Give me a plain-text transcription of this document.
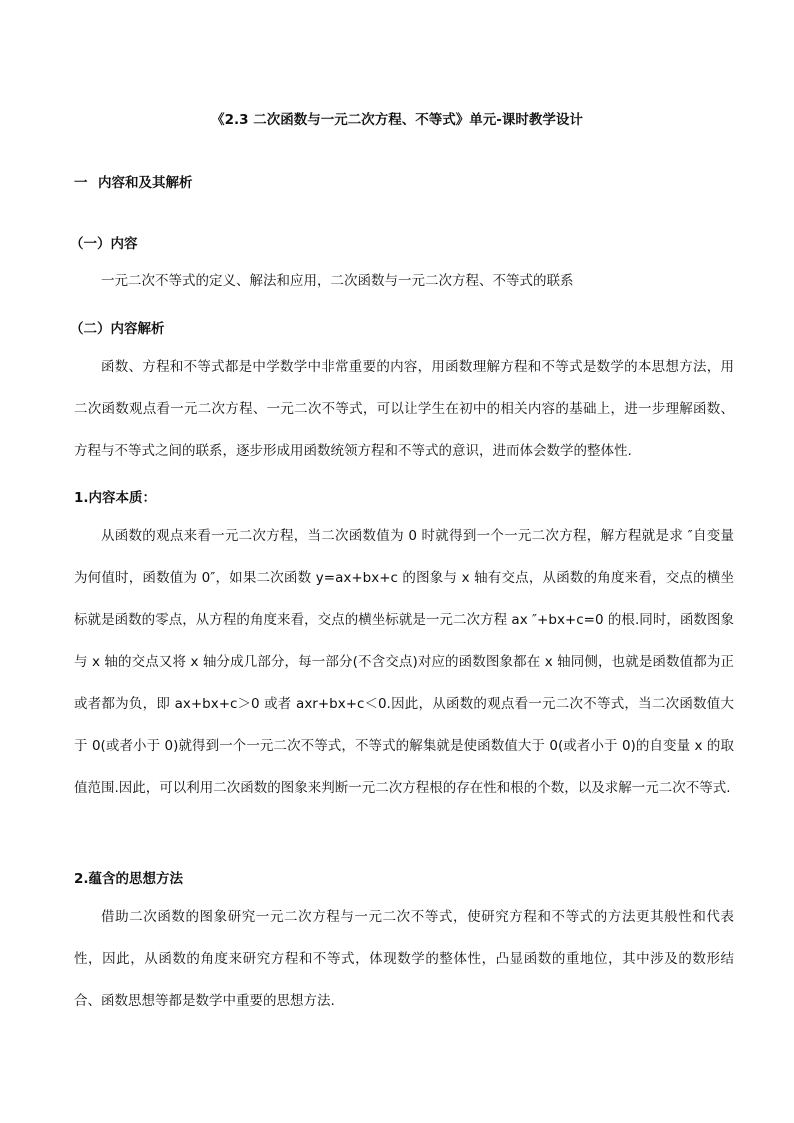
《2.3 二次函数与一元二次方程、不等式》单元-课时教学设计
一 内容和及其解析
（一）内容

一元二次不等式的定义、解法和应用，二次函数与一元二次方程、不等式的联系

（二）内容解析

函数、方程和不等式都是中学数学中非常重要的内容，用函数理解方程和不等式是数学的本思想方法，用二次函数观点看一元二次方程、一元二次不等式，可以让学生在初中的相关内容的基础上，进一步理解函数、方程与不等式之间的联系，逐步形成用函数统领方程和不等式的意识，进而体会数学的整体性.

1.内容本质：

从函数的观点来看一元二次方程，当二次函数值为 0 时就得到一个一元二次方程，解方程就是求 ″自变量为何值时，函数值为 0″，如果二次函数 y=ax+bx+c 的图象与 x 轴有交点，从函数的角度来看，交点的横坐标就是函数的零点，从方程的角度来看，交点的横坐标就是一元二次方程 ax ″+bx+c=0 的根.同时，函数图象与 x 轴的交点又将 x 轴分成几部分，每一部分(不含交点)对应的函数图象都在 x 轴同侧，也就是函数值都为正或者都为负，即 ax+bx+c＞0 或者 axr+bx+c＜0.因此，从函数的观点看一元二次不等式，当二次函数值大于 0(或者小于 0)就得到一个一元二次不等式，不等式的解集就是使函数值大于 0(或者小于 0)的自变量 x 的取值范围.因此，可以利用二次函数的图象来判断一元二次方程根的存在性和根的个数，以及求解一元二次不等式.

2.蕴含的思想方法

借助二次函数的图象研究一元二次方程与一元二次不等式，使研究方程和不等式的方法更其般性和代表性，因此，从函数的角度来研究方程和不等式，体现数学的整体性，凸显函数的重地位，其中涉及的数形结合、函数思想等都是数学中重要的思想方法.
